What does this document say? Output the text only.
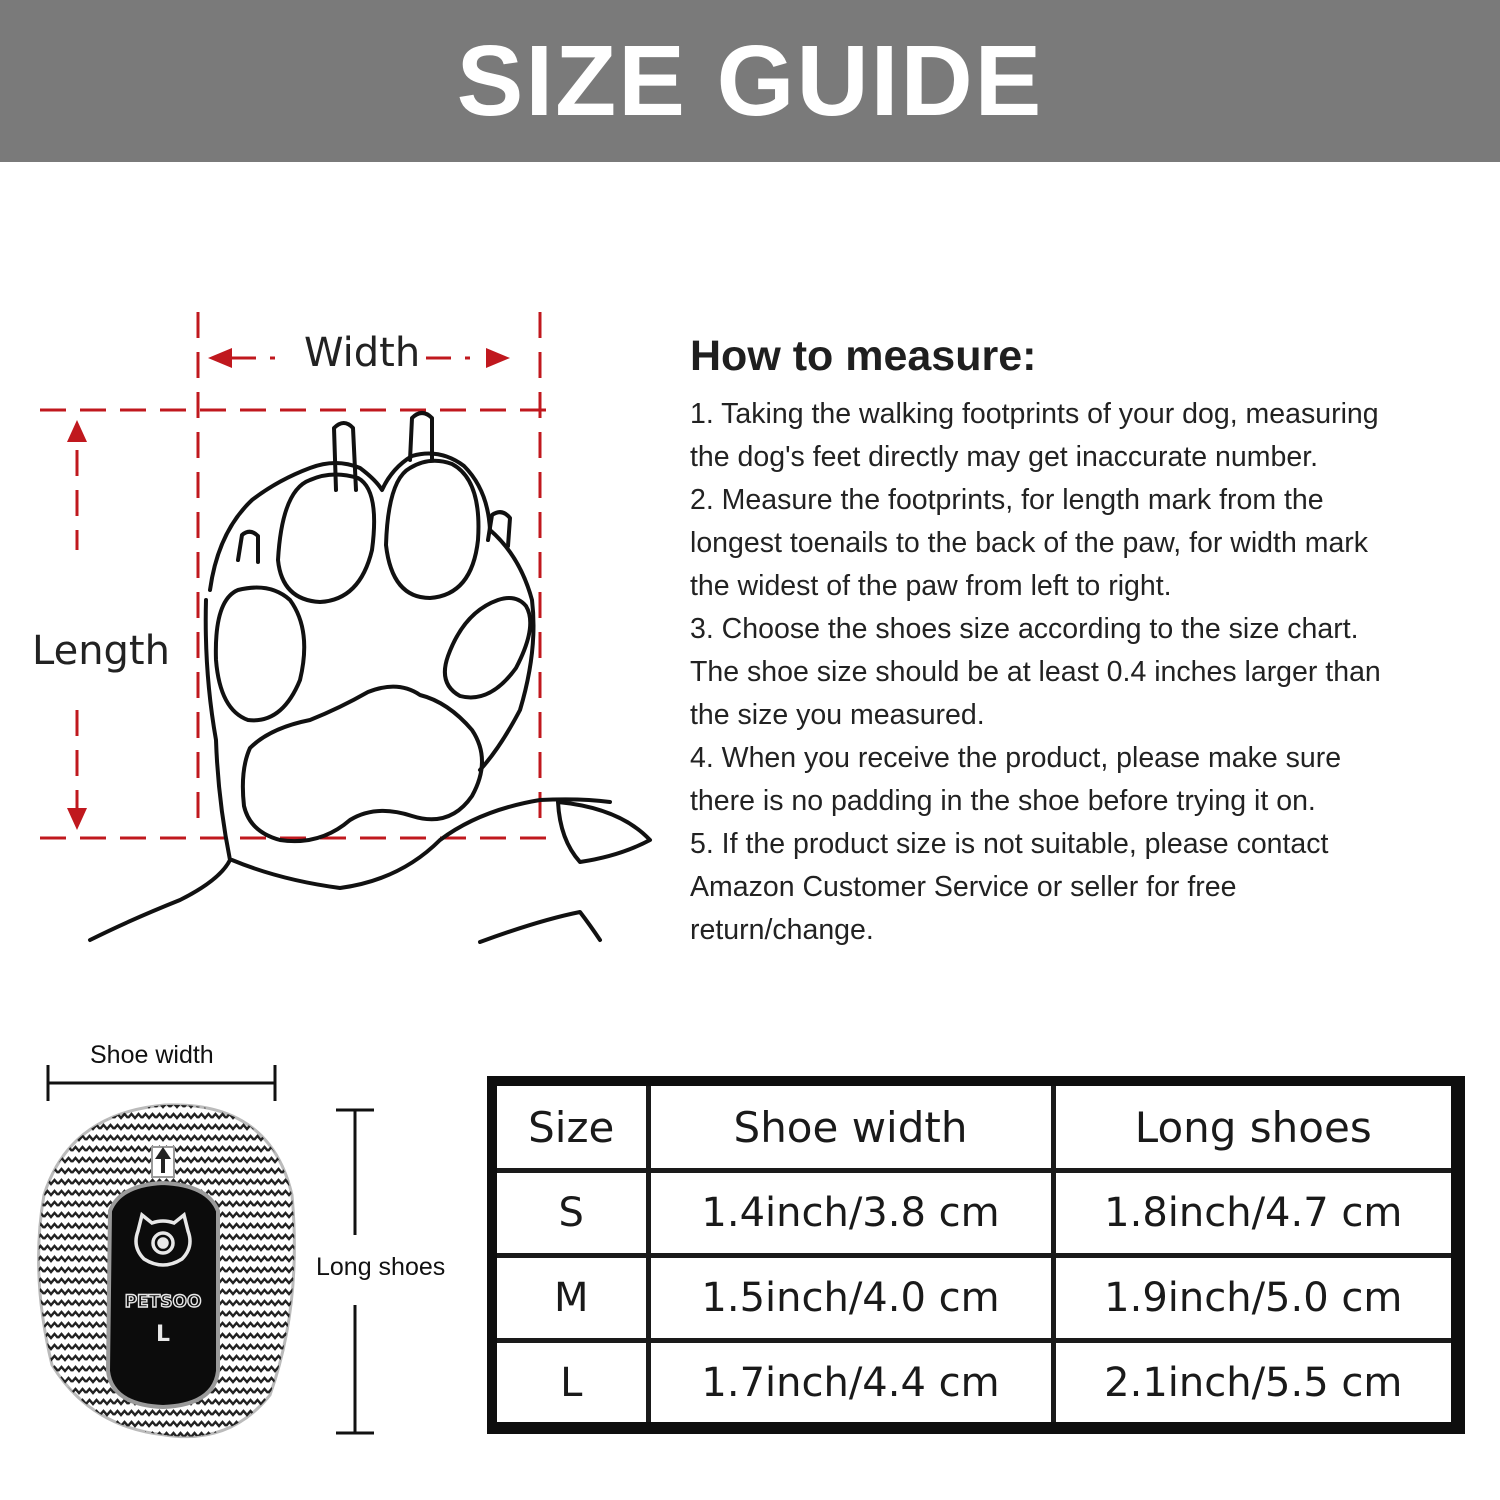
SIZE GUIDE
Width
Length
How to measure:
1. Taking the walking footprints of your dog, measuring
the dog's feet directly may get inaccurate number.
2. Measure the footprints, for length mark from the
longest toenails to the back of the paw, for width mark
the widest of the paw from left to right.
3. Choose the shoes size according to the size chart.
The shoe size should be at least 0.4 inches larger than
the size you measured.
4. When you receive the product, please make sure
there is no padding in the shoe before trying it on.
5. If the product size is not suitable, please contact
Amazon Customer Service or seller for free
return/change.
PETSOO
L
Shoe width
Long shoes
Size	Shoe width	Long shoes
S	1.4inch/3.8 cm	1.8inch/4.7 cm
M	1.5inch/4.0 cm	1.9inch/5.0 cm
L	1.7inch/4.4 cm	2.1inch/5.5 cm
